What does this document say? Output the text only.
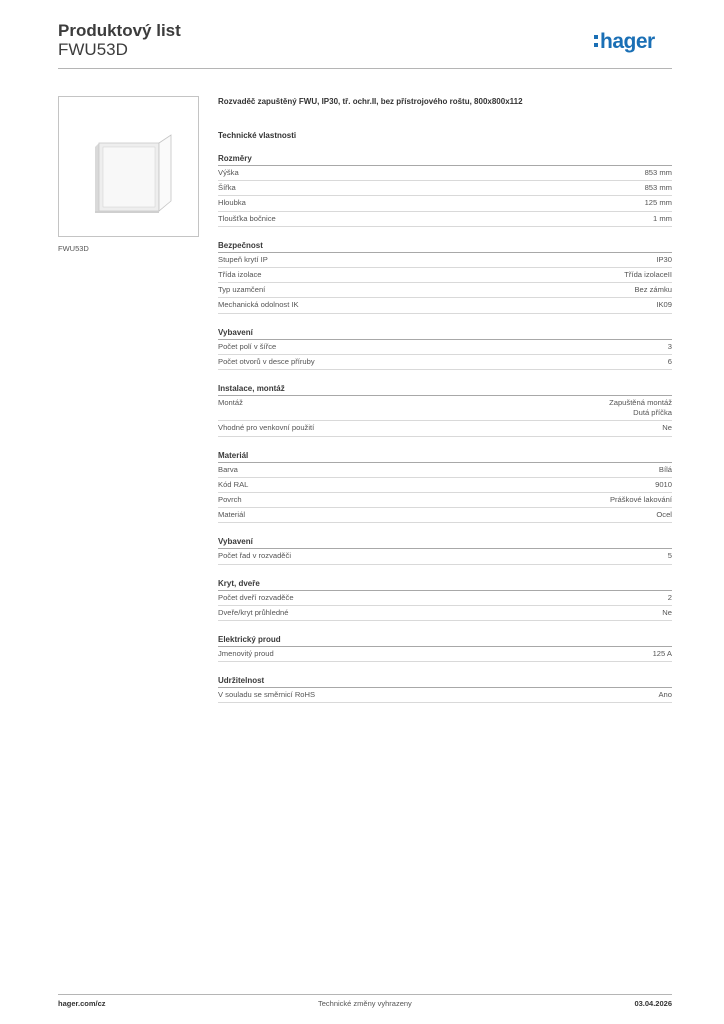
Produktový list
FWU53D	hager
FWU53D
Rozvaděč zapuštěný FWU, IP30, tř. ochr.II, bez přístrojového roštu, 800x800x112
Technické vlastnosti
Rozměry
Výška	853 mm
Šířka	853 mm
Hloubka	125 mm
Tloušťka bočnice	1 mm
Bezpečnost
Stupeň krytí IP	IP30
Třída izolace	Třída izolaceII
Typ uzamčení	Bez zámku
Mechanická odolnost IK	IK09
Vybavení
Počet polí v šířce	3
Počet otvorů v desce příruby	6
Instalace, montáž
Montáž	Zapuštěná montáž
Dutá příčka
Vhodné pro venkovní použití	Ne
Materiál
Barva	Bílá
Kód RAL	9010
Povrch	Práškové lakování
Materiál	Ocel
Vybavení
Počet řad v rozvaděči	5
Kryt, dveře
Počet dveří rozvaděče	2
Dveře/kryt průhledné	Ne
Elektrický proud
Jmenovitý proud	125 A
Udržitelnost
V souladu se směrnicí RoHS	Ano
hager.com/cz	Technické změny vyhrazeny	03.04.2026
